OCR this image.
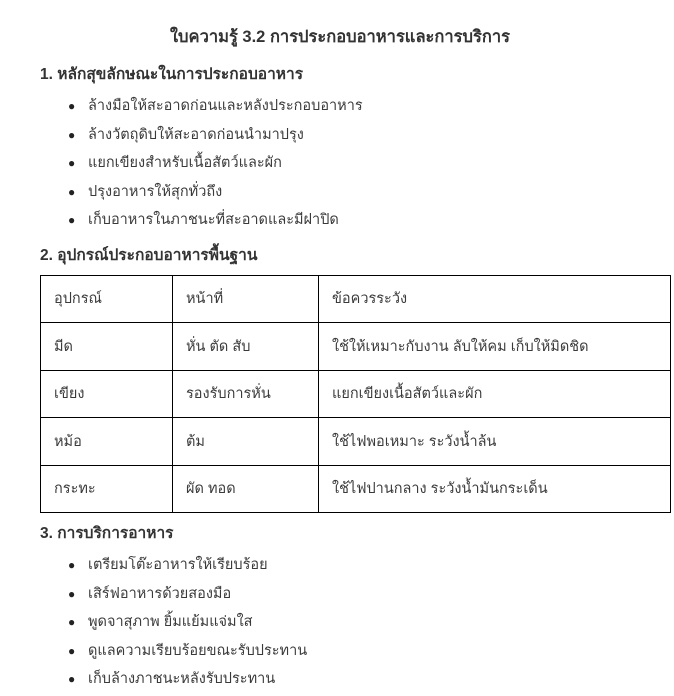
ใบความรู้ 3.2 การประกอบอาหารและการบริการ
1. หลักสุขลักษณะในการประกอบอาหาร
● ล้างมือให้สะอาดก่อนและหลังประกอบอาหาร
● ล้างวัตถุดิบให้สะอาดก่อนนำมาปรุง
● แยกเขียงสำหรับเนื้อสัตว์และผัก
● ปรุงอาหารให้สุกทั่วถึง
● เก็บอาหารในภาชนะที่สะอาดและมีฝาปิด
2. อุปกรณ์ประกอบอาหารพื้นฐาน
อุปกรณ์	หน้าที่	ข้อควรระวัง
มีด	หั่น ตัด สับ	ใช้ให้เหมาะกับงาน ลับให้คม เก็บให้มิดชิด
เขียง	รองรับการหั่น	แยกเขียงเนื้อสัตว์และผัก
หม้อ	ต้ม	ใช้ไฟพอเหมาะ ระวังน้ำล้น
กระทะ	ผัด ทอด	ใช้ไฟปานกลาง ระวังน้ำมันกระเด็น
3. การบริการอาหาร
● เตรียมโต๊ะอาหารให้เรียบร้อย
● เสิร์ฟอาหารด้วยสองมือ
● พูดจาสุภาพ ยิ้มแย้มแจ่มใส
● ดูแลความเรียบร้อยขณะรับประทาน
● เก็บล้างภาชนะหลังรับประทาน
